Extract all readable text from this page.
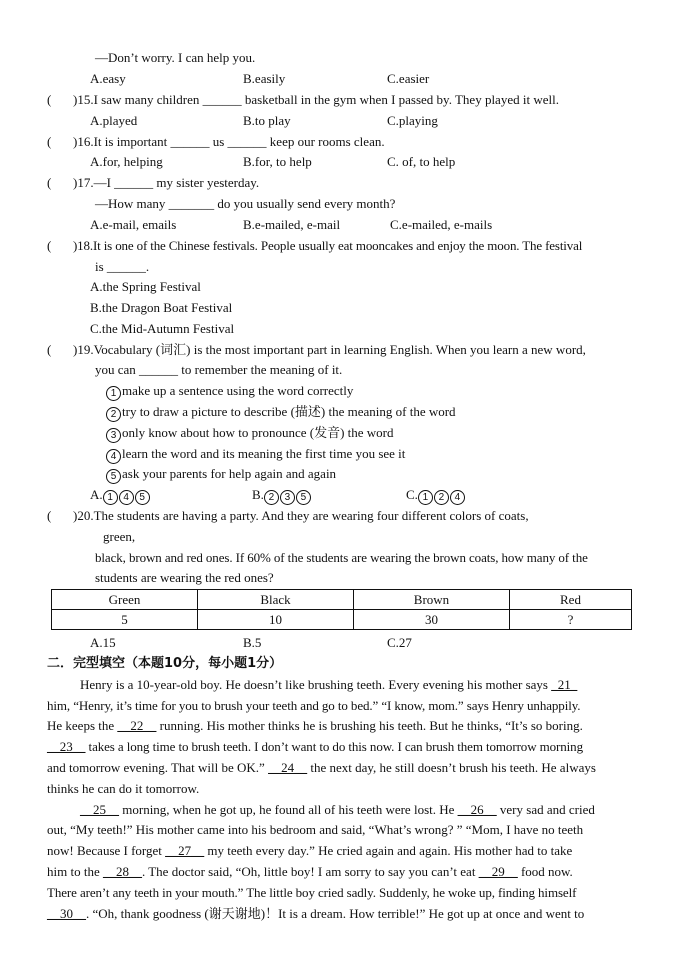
—Don’t worry. I can help you.
A.easy	B.easily	C.easier
( )15.I saw many children ______ basketball in the gym when I passed by. They played it well.
A.played	B.to play	C.playing
( )16.It is important ______ us ______ keep our rooms clean.
A.for, helping	B.for, to help	C. of, to help
( )17.—I ______ my sister yesterday.
—How many _______ do you usually send every month?
A.e-mail, emails	B.e-mailed, e-mail	C.e-mailed, e-mails
( )18.It is one of the Chinese festivals. People usually eat mooncakes and enjoy the moon. The festival
is ______.
A.the Spring Festival
B.the Dragon Boat Festival
C.the Mid-Autumn Festival
( )19.Vocabulary (词汇) is the most important part in learning English. When you learn a new word,
you can ______ to remember the meaning of it.
1 make up a sentence using the word correctly
2 try to draw a picture to describe (描述) the meaning of the word
3 only know about how to pronounce (发音) the word
4 learn the word and its meaning the first time you see it
5 ask your parents for help again and again
A. 1 4 5	B. 2 3 5	C. 1 2 4
( )20.The students are having a party. And they are wearing four different colors of coats,
green,
black, brown and red ones. If 60% of the students are wearing the brown coats, how many of the
students are wearing the red ones?
Green	Black	Brown	Red
5	10	30	?
A.15	B.5	C.27
二．完型填空（本题10分，每小题1分）
Henry is a 10-year-old boy. He doesn’t like brushing teeth. Every evening his mother says _21_
him, “Henry, it’s time for you to brush your teeth and go to bed.” “I know, mom.” says Henry unhappily.
He keeps the __22__ running. His mother thinks he is brushing his teeth. But he thinks, “It’s so boring.
__23__ takes a long time to brush teeth. I don’t want to do this now. I can brush them tomorrow morning
and tomorrow evening. That will be OK.” __24__ the next day, he still doesn’t brush his teeth. He always
thinks he can do it tomorrow.
__25__ morning, when he got up, he found all of his teeth were lost. He __26__ very sad and cried
out, “My teeth!” His mother came into his bedroom and said, “What’s wrong? ” “Mom, I have no teeth
now! Because I forget __27__ my teeth every day.” He cried again and again. His mother had to take
him to the __28__. The doctor said, “Oh, little boy! I am sorry to say you can’t eat __29__ food now.
There aren’t any teeth in your mouth.” The little boy cried sadly. Suddenly, he woke up, finding himself
__30__. “Oh, thank goodness (谢天谢地)！It is a dream. How terrible!” He got up at once and went to
